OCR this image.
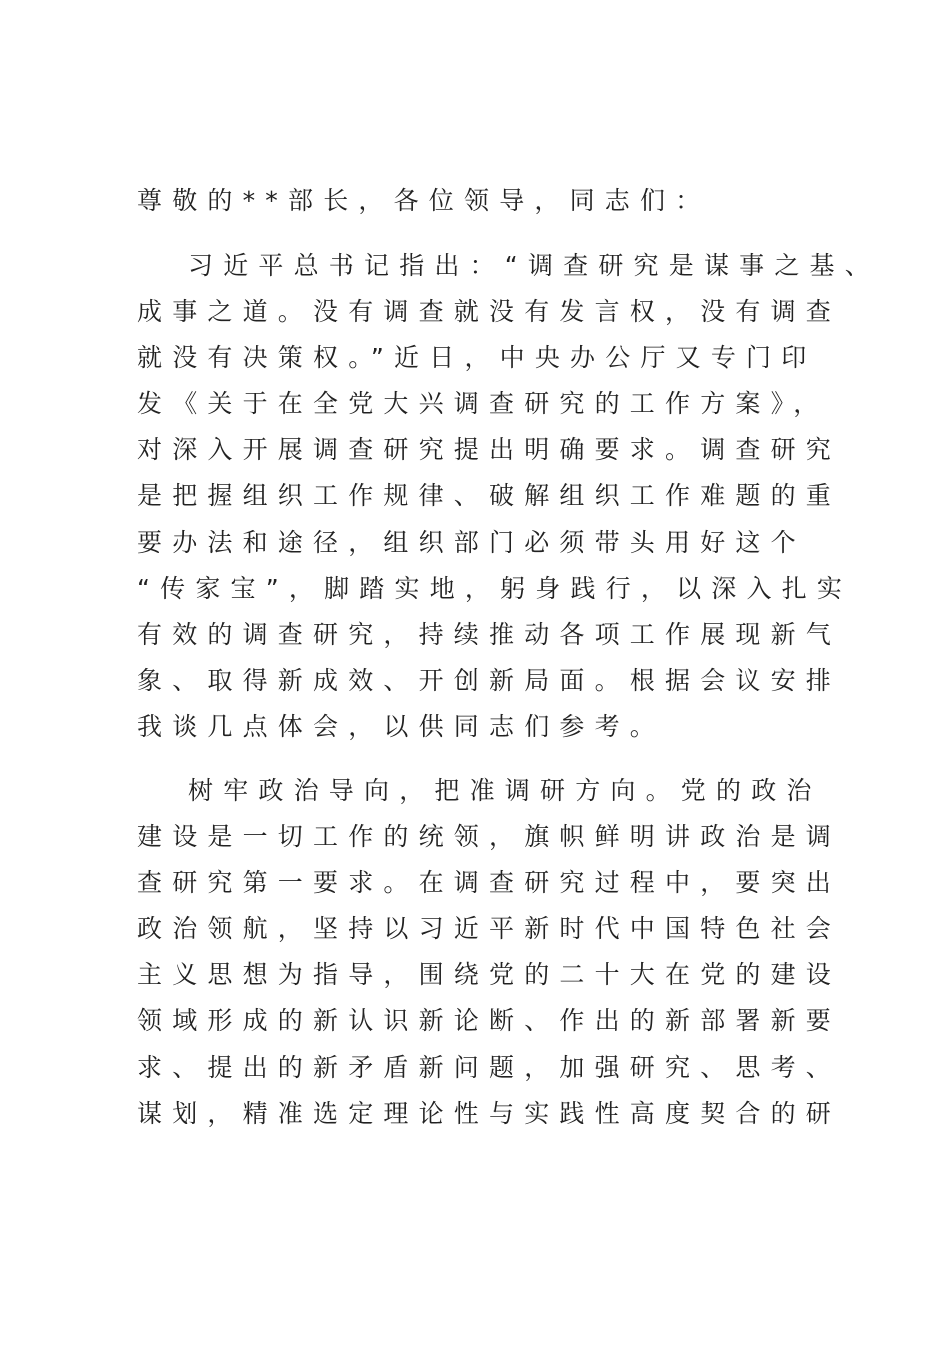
尊敬的**部长，各位领导，同志们：

习近平总书记指出：“调查研究是谋事之基、

成事之道。没有调查就没有发言权，没有调查

就没有决策权。”近日，中央办公厅又专门印

发《关于在全党大兴调查研究的工作方案》，

对深入开展调查研究提出明确要求。调查研究

是把握组织工作规律、破解组织工作难题的重

要办法和途径，组织部门必须带头用好这个

“传家宝”，脚踏实地，躬身践行，以深入扎实

有效的调查研究，持续推动各项工作展现新气

象、取得新成效、开创新局面。根据会议安排

我谈几点体会，以供同志们参考。

树牢政治导向，把准调研方向。党的政治

建设是一切工作的统领，旗帜鲜明讲政治是调

查研究第一要求。在调查研究过程中，要突出

政治领航，坚持以习近平新时代中国特色社会

主义思想为指导，围绕党的二十大在党的建设

领域形成的新认识新论断、作出的新部署新要

求、提出的新矛盾新问题，加强研究、思考、

谋划，精准选定理论性与实践性高度契合的研
